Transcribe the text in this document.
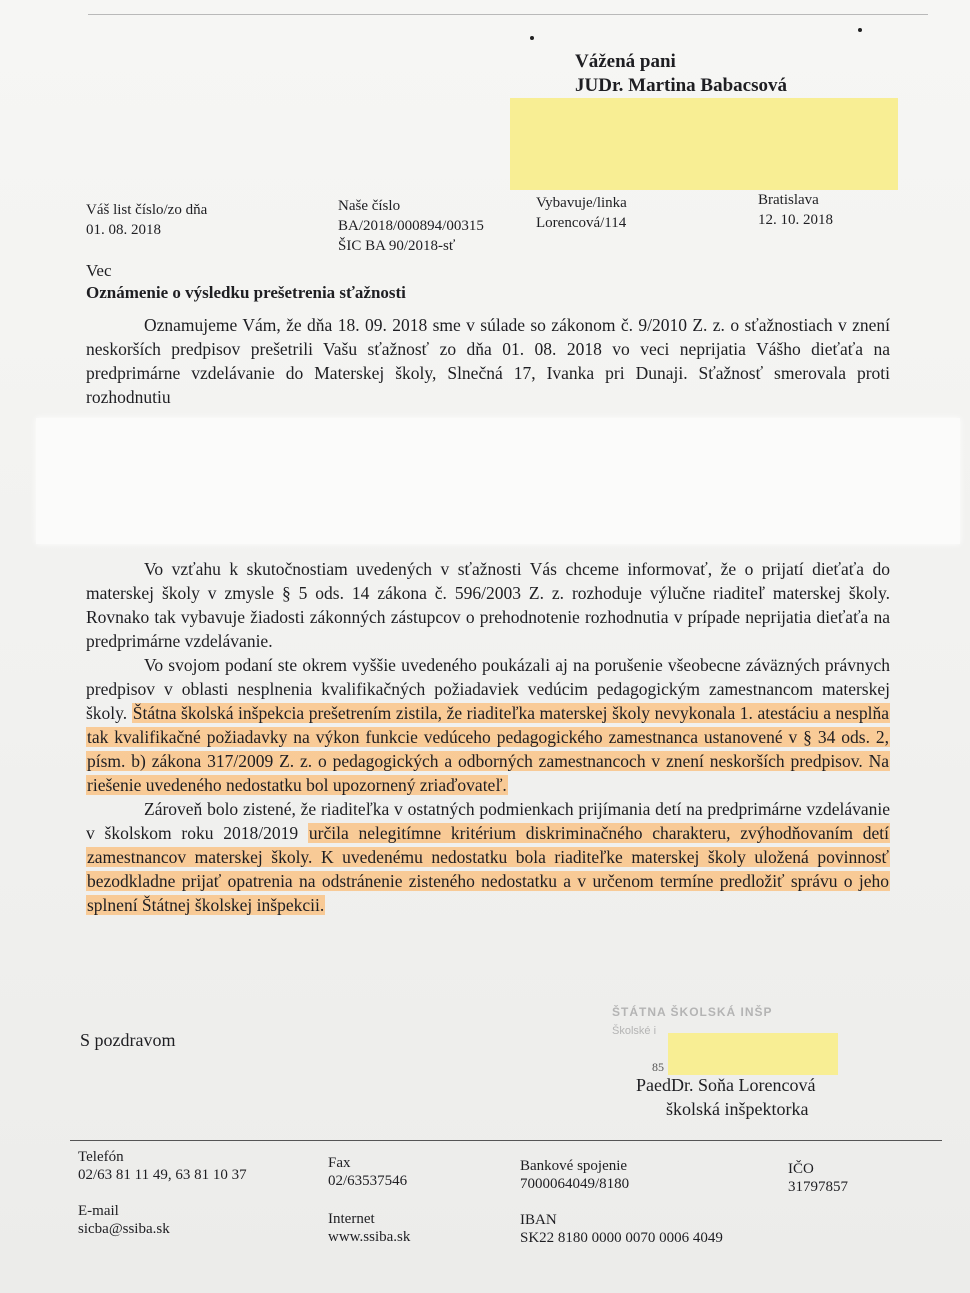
Vážená pani
JUDr. Martina Babacsová
Váš list číslo/zo dňa
01. 08. 2018
Naše číslo
BA/2018/000894/00315
ŠIC BA 90/2018-sť
Vybavuje/linka
Lorencová/114
Bratislava
12. 10. 2018
Vec
Oznámenie o výsledku prešetrenia sťažnosti

Oznamujeme Vám, že dňa 18. 09. 2018 sme v súlade so zákonom č. 9/2010 Z. z. o sťažnostiach v znení neskorších predpisov prešetrili Vašu sťažnosť zo dňa 01. 08. 2018 vo veci neprijatia Vášho dieťaťa na predprimárne vzdelávanie do Materskej školy, Slnečná 17, Ivanka pri Dunaji. Sťažnosť smerovala proti rozhodnutiu

Vo vzťahu k skutočnostiam uvedených v sťažnosti Vás chceme informovať, že o prijatí dieťaťa do materskej školy v zmysle § 5 ods. 14 zákona č. 596/2003 Z. z. rozhoduje výlučne riaditeľ materskej školy. Rovnako tak vybavuje žiadosti zákonných zástupcov o prehodnotenie rozhodnutia v prípade neprijatia dieťaťa na predprimárne vzdelávanie.

Vo svojom podaní ste okrem vyššie uvedeného poukázali aj na porušenie všeobecne záväzných právnych predpisov v oblasti nesplnenia kvalifikačných požiadaviek vedúcim pedagogickým zamestnancom materskej školy. Štátna školská inšpekcia prešetrením zistila, že riaditeľka materskej školy nevykonala 1. atestáciu a nesplňa tak kvalifikačné požiadavky na výkon funkcie vedúceho pedagogického zamestnanca ustanovené v § 34 ods. 2, písm. b) zákona 317/2009 Z. z. o pedagogických a odborných zamestnancoch v znení neskorších predpisov. Na riešenie uvedeného nedostatku bol upozornený zriaďovateľ.

Zároveň bolo zistené, že riaditeľka v ostatných podmienkach prijímania detí na predprimárne vzdelávanie v školskom roku 2018/2019 určila nelegitímne kritérium diskriminačného charakteru, zvýhodňovaním detí zamestnancov materskej školy. K uvedenému nedostatku bola riaditeľke materskej školy uložená povinnosť bezodkladne prijať opatrenia na odstránenie zisteného nedostatku a v určenom termíne predložiť správu o jeho splnení Štátnej školskej inšpekcii.

S pozdravom
ŠTÁTNA ŠKOLSKÁ INŠP
Školské i
85
PaedDr. Soňa Lorencová
školská inšpektorka
Telefón
02/63 81 11 49, 63 81 10 37
Fax
02/63537546
Bankové spojenie
7000064049/8180
IČO
31797857
E-mail
sicba@ssiba.sk
Internet
www.ssiba.sk
IBAN
SK22 8180 0000 0070 0006 4049
